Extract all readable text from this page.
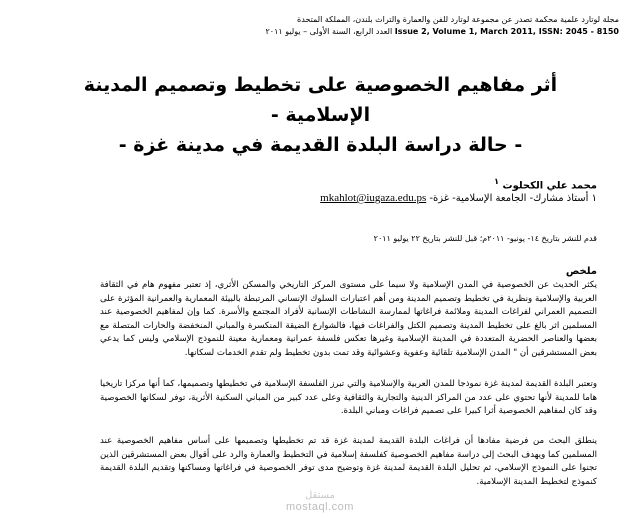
مجلة لوتارد علمية محكمة تصدر عن مجموعة لوتارد للفن والعمارة والتراث بلندن، المملكة المتحدة
Issue 2, Volume 1, March 2011, ISSN: 2045 - 8150 العدد الرابع، السنة الأولى – يوليو ٢٠١١
أثر مفاهيم الخصوصية على تخطيط وتصميم المدينة الإسلامية -
- حالة دراسة البلدة القديمة في مدينة غزة -
محمد علي الكحلوت $^١$
١ أستاذ مشارك- الجامعة الإسلامية- غزة- mkahlot@iugaza.edu.ps
قدم للنشر بتاريخ ١٤- يونيو- ٢٠١١م؛ قبل للنشر بتاريخ ٢٢ يوليو ٢٠١١
ملخص
يكثر الحديث عن الخصوصية في المدن الإسلامية ولا سيما على مستوى المركز التاريخي والمسكن الأثري، إذ تعتبر مفهوم هام في الثقافة العربية والإسلامية ونظرية في تخطيط وتصميم المدينة ومن أهم اعتبارات السلوك الإنساني المرتبطة بالبيئة المعمارية والعمرانية المؤثرة على التصميم العمراني لفراغات المدينة وملائمة فراغاتها لممارسة النشاطات الإنسانية لأفراد المجتمع والأسرة. كما وإن لمفاهيم الخصوصية عند المسلمين اثر بالغ على تخطيط المدينة وتصميم الكتل والفراغات فيها، فالشوارع الضيقة المنكسرة والمباني المنخفضة والحارات المتصلة مع بعضها والعناصر الحضرية المتعددة في المدينة الإسلامية وغيرها تعكس فلسفة عمرانية ومعمارية معينة للنموذج الإسلامي وليس كما يدعي بعض المستشرقين أن " المدن الإسلامية تلقائية وعفوية وعشوائية وقد تمت بدون تخطيط ولم تقدم الخدمات لسكانها.
وتعتبر البلدة القديمة لمدينة غزة نموذجا للمدن العربية والإسلامية والتي تبرز الفلسفة الإسلامية في تخطيطها وتصميمها، كما أنها مركزا تاريخيا هاما للمدينة لأنها تحتوي على عدد من المراكز الدينية والتجارية والثقافية وعلى عدد كبير من المباني السكنية الأثرية، توفر لسكانها الخصوصية وقد كان لمفاهيم الخصوصية أثرا كبيرا على تصميم فراغات ومباني البلدة.
ينطلق البحث من فرضية مفادها أن فراغات البلدة القديمة لمدينة غزة قد تم تخطيطها وتصميمها على أساس مفاهيم الخصوصية عند المسلمين كما ويهدف البحث إلى دراسة مفاهيم الخصوصية كفلسفة إسلامية في التخطيط والعمارة والرد على أقوال بعض المستشرقين الذين تجنوا على النموذج الإسلامي، ثم تحليل البلدة القديمة لمدينة غزة وتوضيح مدى توفر الخصوصية في فراغاتها ومساكنها وتقديم البلدة القديمة كنموذج لتخطيط المدينة الإسلامية.
مستقل
mostaql.com
